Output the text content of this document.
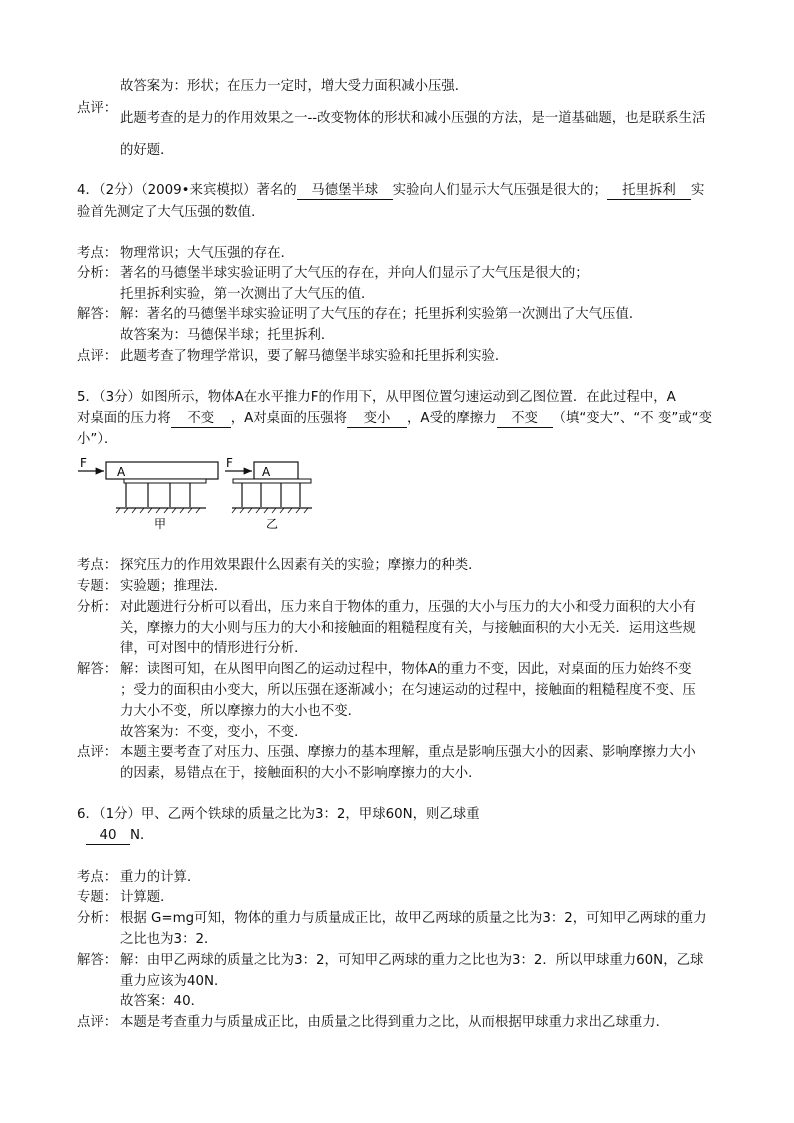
故答案为：形状；在压力一定时，增大受力面积减小压强．
点评：
此题考查的是力的作用效果之一--改变物体的形状和减小压强的方法，是一道基础题，也是联系生活
的好题．
4．（2分）（2009•来宾模拟）著名的 马德堡半球 实验向人们显示大气压强是很大的； 托里拆利 实
验首先测定了大气压强的数值．
考点： 物理常识；大气压强的存在．
分析： 著名的马德堡半球实验证明了大气压的存在，并向人们显示了大气压是很大的；
托里拆利实验，第一次测出了大气压的值．
解答： 解：著名的马德堡半球实验证明了大气压的存在；托里拆利实验第一次测出了大气压值．
故答案为：马德保半球；托里拆利．
点评： 此题考查了物理学常识，要了解马德堡半球实验和托里拆利实验．
5．（3分）如图所示，物体A在水平推力F的作用下，从甲图位置匀速运动到乙图位置．在此过程中，A
对桌面的压力将 不变 ，A对桌面的压强将 变小 ，A受的摩擦力 不变 （填“变大”、“不 变”或“变
小”）．
F
A
甲
F
A
乙
考点： 探究压力的作用效果跟什么因素有关的实验；摩擦力的种类．
专题： 实验题；推理法．
分析： 对此题进行分析可以看出，压力来自于物体的重力，压强的大小与压力的大小和受力面积的大小有
关，摩擦力的大小则与压力的大小和接触面的粗糙程度有关，与接触面积的大小无关．运用这些规
律，可对图中的情形进行分析．
解答： 解：读图可知，在从图甲向图乙的运动过程中，物体A的重力不变，因此，对桌面的压力始终不变
；受力的面积由小变大，所以压强在逐渐减小；在匀速运动的过程中，接触面的粗糙程度不变、压
力大小不变，所以摩擦力的大小也不变．
故答案为：不变，变小，不变．
点评： 本题主要考查了对压力、压强、摩擦力的基本理解，重点是影响压强大小的因素、影响摩擦力大小
的因素，易错点在于，接触面积的大小不影响摩擦力的大小．
6．（1分）甲、乙两个铁球的质量之比为3：2，甲球60N，则乙球重
40 N．
考点： 重力的计算．
专题： 计算题．
分析： 根据 G=mg可知，物体的重力与质量成正比，故甲乙两球的质量之比为3：2，可知甲乙两球的重力
之比也为3：2．
解答： 解：由甲乙两球的质量之比为3：2，可知甲乙两球的重力之比也为3：2．所以甲球重力60N，乙球
重力应该为40N．
故答案：40．
点评： 本题是考查重力与质量成正比，由质量之比得到重力之比，从而根据甲球重力求出乙球重力．
